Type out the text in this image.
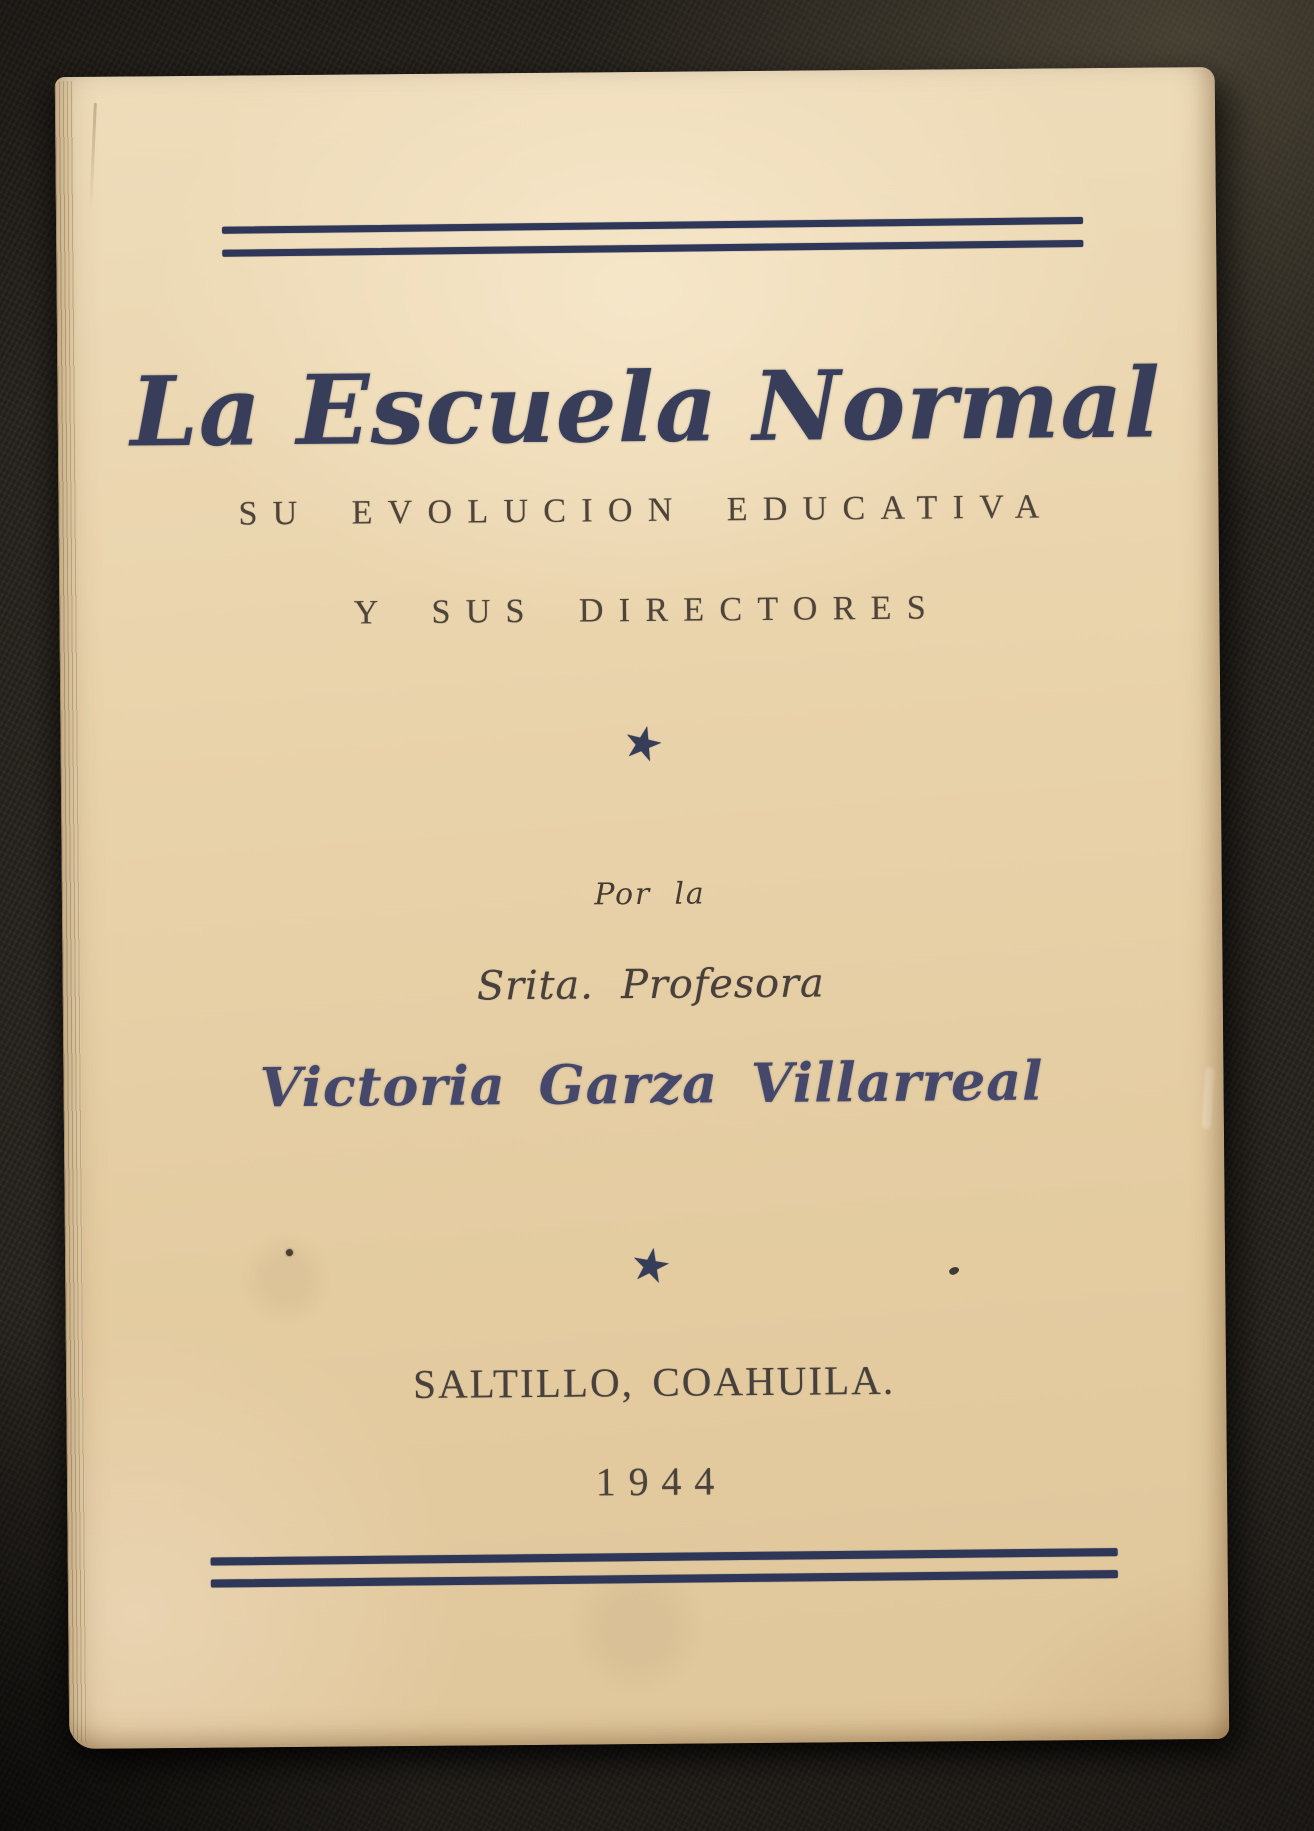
La Escuela Normal
SU EVOLUCION EDUCATIVA
Y SUS DIRECTORES
★
Por la
Srita. Profesora
Victoria Garza Villarreal
★
SALTILLO, COAHUILA.
1944
